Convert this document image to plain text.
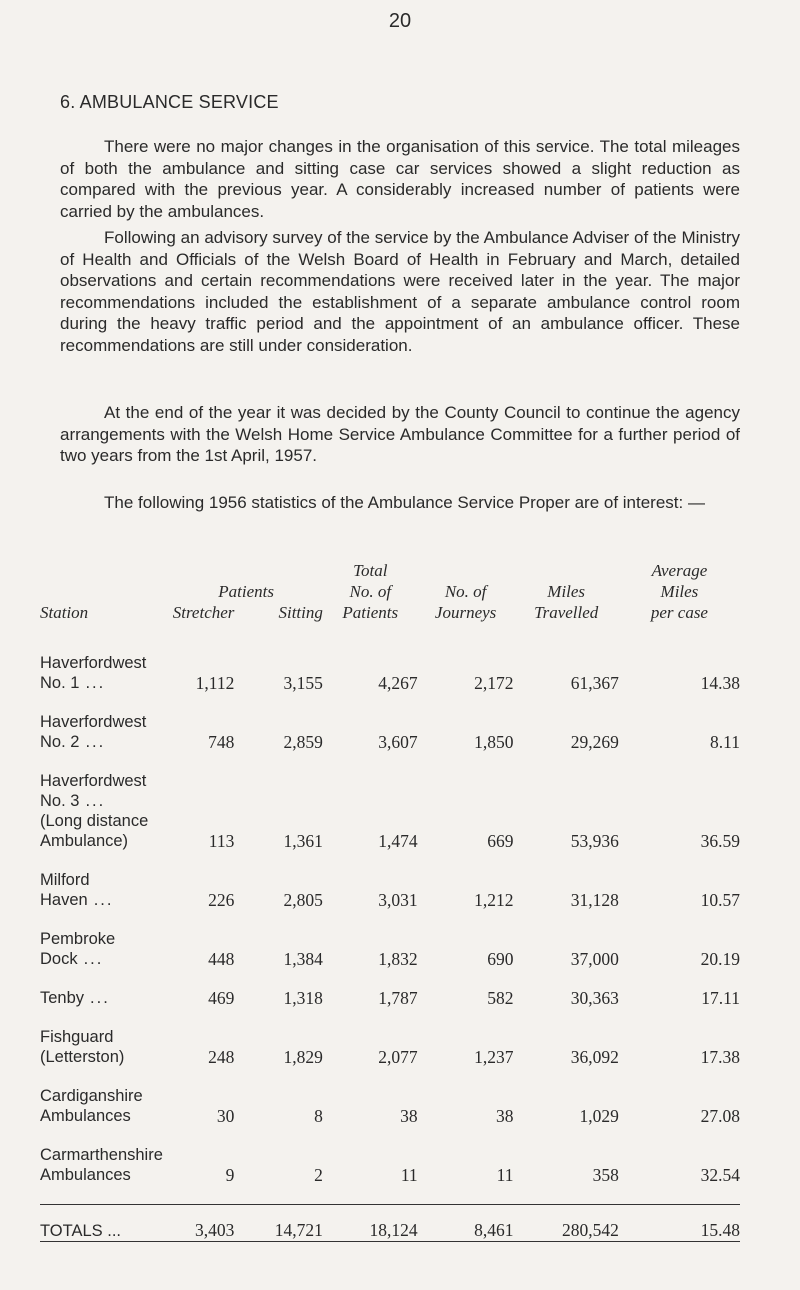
20
6. AMBULANCE SERVICE

There were no major changes in the organisation of this service. The total mileages of both the ambulance and sitting case car services showed a slight reduction as compared with the previous year. A considerably increased number of patients were carried by the ambulances.

Following an advisory survey of the service by the Ambulance Adviser of the Ministry of Health and Officials of the Welsh Board of Health in February and March, detailed observations and certain recommendations were received later in the year. The major recommendations included the establishment of a separate ambulance control room during the heavy traffic period and the appointment of an ambulance officer. These recommendations are still under consideration.

At the end of the year it was decided by the County Council to continue the agency arrangements with the Welsh Home Service Ambulance Committee for a further period of two years from the 1st April, 1957.

The following 1956 statistics of the Ambulance Service Proper are of interest: —

			Total			Average
	Patients		No. of	No. of	Miles	Miles
Station	Stretcher	Sitting	Patients	Journeys	Travelled	per case

Haverfordwest
No. 1 ...	1,112	3,155	4,267	2,172	61,367	14.38

Haverfordwest
No. 2 ...	748	2,859	3,607	1,850	29,269	8.11

Haverfordwest
No. 3 ...
(Long distance
Ambulance)	113	1,361	1,474	669	53,936	36.59

Milford
Haven ...	226	2,805	3,031	1,212	31,128	10.57

Pembroke
Dock ...	448	1,384	1,832	690	37,000	20.19

Tenby ...	469	1,318	1,787	582	30,363	17.11

Fishguard
(Letterston)	248	1,829	2,077	1,237	36,092	17.38

Cardiganshire
Ambulances	30	8	38	38	1,029	27.08

Carmarthenshire
Ambulances	9	2	11	11	358	32.54

TOTALS ...	3,403	14,721	18,124	8,461	280,542	15.48
